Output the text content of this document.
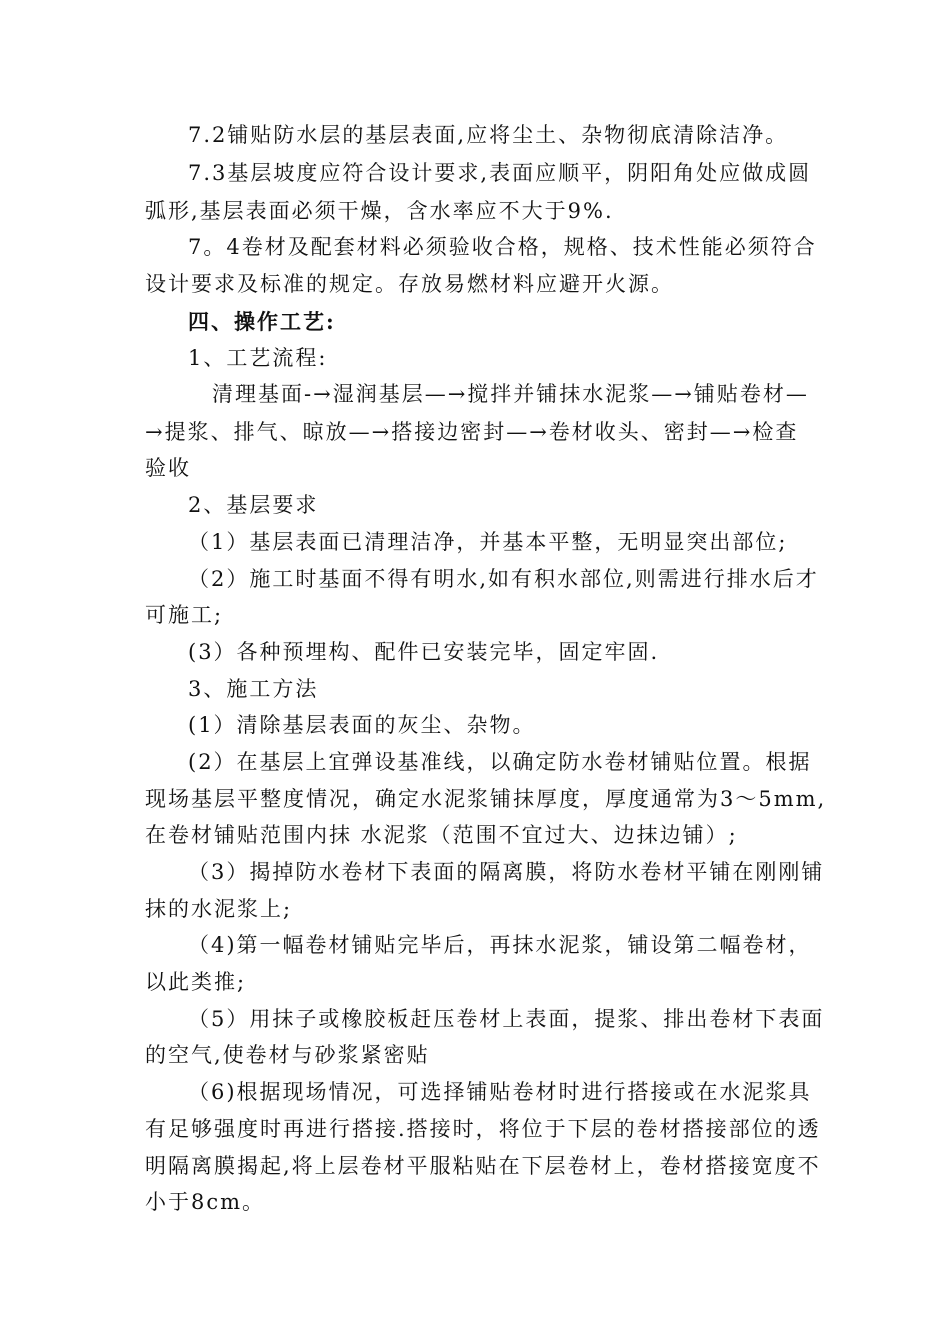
7.2铺贴防水层的基层表面,应将尘土、杂物彻底清除洁净。
7.3基层坡度应符合设计要求,表面应顺平，阴阳角处应做成圆
弧形,基层表面必须干燥，含水率应不大于9%.
7。4卷材及配套材料必须验收合格，规格、技术性能必须符合
设计要求及标准的规定。存放易燃材料应避开火源。
四、操作工艺:
1、工艺流程:
清理基面-→湿润基层—→搅拌并铺抹水泥浆—→铺贴卷材—
→提浆、排气、晾放—→搭接边密封—→卷材收头、密封—→检查
验收
2、基层要求
（1）基层表面已清理洁净，并基本平整，无明显突出部位;
（2）施工时基面不得有明水,如有积水部位,则需进行排水后才
可施工;
(3）各种预埋构、配件已安装完毕，固定牢固.
3、施工方法
(1）清除基层表面的灰尘、杂物。
(2）在基层上宜弹设基准线，以确定防水卷材铺贴位置。根据
现场基层平整度情况，确定水泥浆铺抹厚度，厚度通常为3～5mm,
在卷材铺贴范围内抹 水泥浆（范围不宜过大、边抹边铺）;
（3）揭掉防水卷材下表面的隔离膜，将防水卷材平铺在刚刚铺
抹的水泥浆上;
（4)第一幅卷材铺贴完毕后，再抹水泥浆，铺设第二幅卷材，
以此类推;
（5）用抹子或橡胶板赶压卷材上表面，提浆、排出卷材下表面
的空气,使卷材与砂浆紧密贴
（6)根据现场情况，可选择铺贴卷材时进行搭接或在水泥浆具
有足够强度时再进行搭接.搭接时，将位于下层的卷材搭接部位的透
明隔离膜揭起,将上层卷材平服粘贴在下层卷材上，卷材搭接宽度不
小于8cm。
